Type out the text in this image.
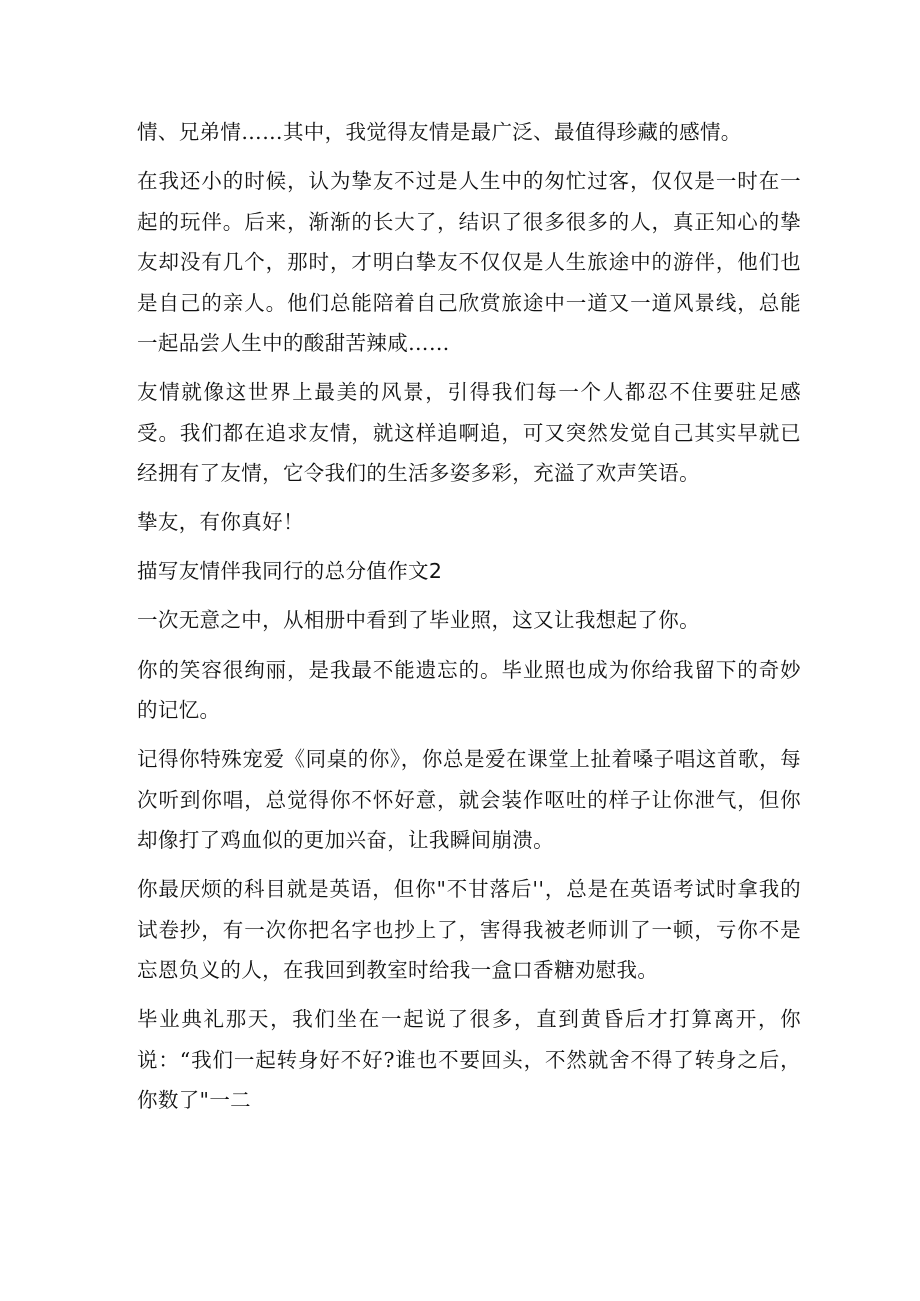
情、兄弟情……其中，我觉得友情是最广泛、最值得珍藏的感情。

在我还小的时候，认为挚友不过是人生中的匆忙过客，仅仅是一时在一起的玩伴。后来，渐渐的长大了，结识了很多很多的人，真正知心的挚友却没有几个，那时，才明白挚友不仅仅是人生旅途中的游伴，他们也是自己的亲人。他们总能陪着自己欣赏旅途中一道又一道风景线，总能一起品尝人生中的酸甜苦辣咸……

友情就像这世界上最美的风景，引得我们每一个人都忍不住要驻足感受。我们都在追求友情，就这样追啊追，可又突然发觉自己其实早就已经拥有了友情，它令我们的生活多姿多彩，充溢了欢声笑语。

挚友，有你真好！

描写友情伴我同行的总分值作文2

一次无意之中，从相册中看到了毕业照，这又让我想起了你。

你的笑容很绚丽，是我最不能遗忘的。毕业照也成为你给我留下的奇妙的记忆。

记得你特殊宠爱《同桌的你》，你总是爱在课堂上扯着嗓子唱这首歌，每次听到你唱，总觉得你不怀好意，就会装作呕吐的样子让你泄气，但你却像打了鸡血似的更加兴奋，让我瞬间崩溃。

你最厌烦的科目就是英语，但你"不甘落后''，总是在英语考试时拿我的试卷抄，有一次你把名字也抄上了，害得我被老师训了一顿，亏你不是忘恩负义的人，在我回到教室时给我一盒口香糖劝慰我。

毕业典礼那天，我们坐在一起说了很多，直到黄昏后才打算离开，你说：“我们一起转身好不好?谁也不要回头，不然就舍不得了转身之后，你数了"一二
